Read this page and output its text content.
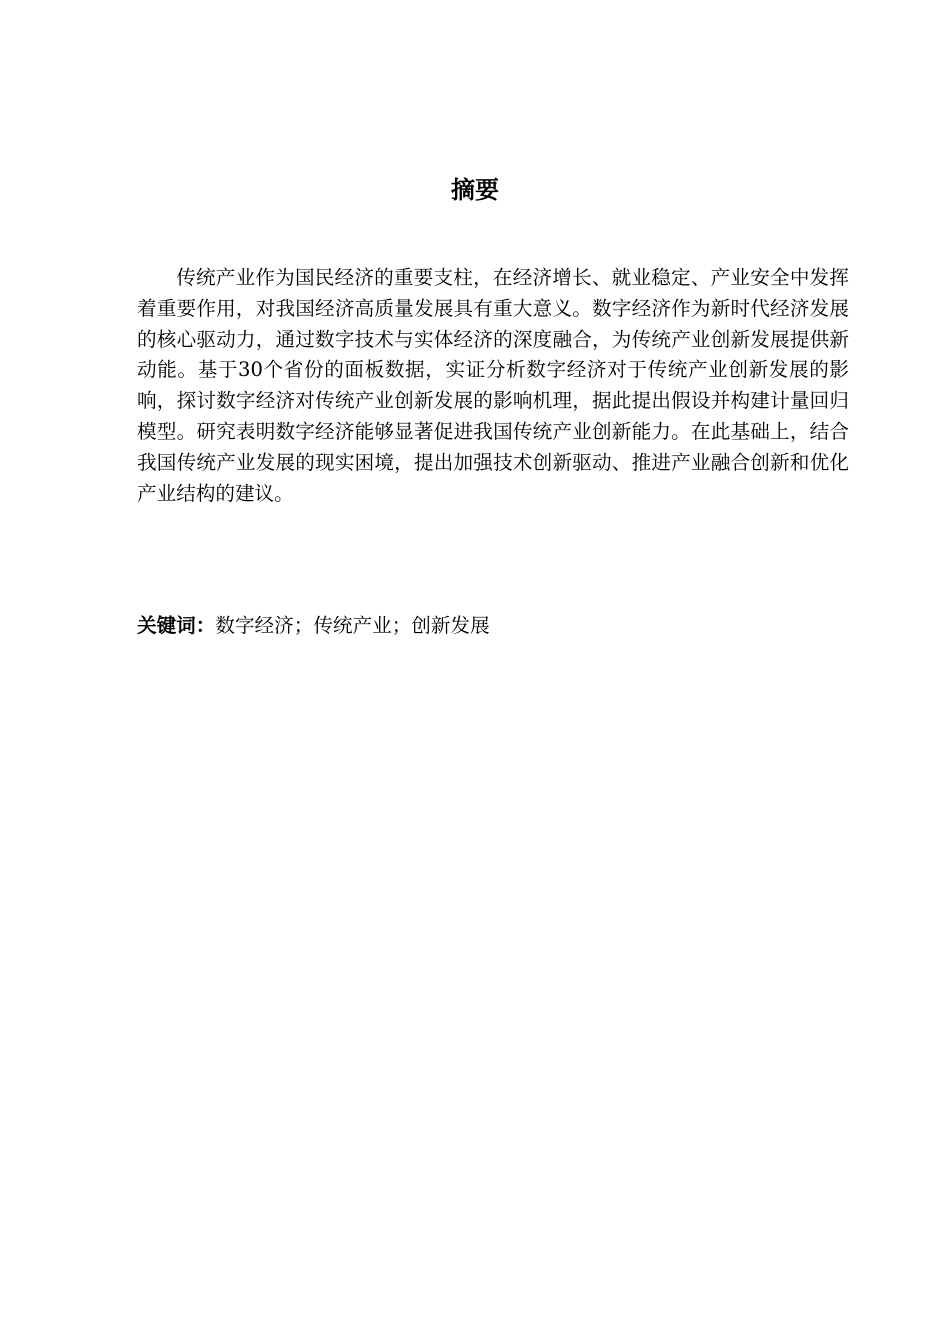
摘要

传统产业作为国民经济的重要支柱，在经济增长、就业稳定、产业安全中发挥着重要作用，对我国经济高质量发展具有重大意义。数字经济作为新时代经济发展的核心驱动力，通过数字技术与实体经济的深度融合，为传统产业创新发展提供新动能。基于30个省份的面板数据，实证分析数字经济对于传统产业创新发展的影响，探讨数字经济对传统产业创新发展的影响机理，据此提出假设并构建计量回归模型。研究表明数字经济能够显著促进我国传统产业创新能力。在此基础上，结合我国传统产业发展的现实困境，提出加强技术创新驱动、推进产业融合创新和优化产业结构的建议。

关键词：数字经济；传统产业；创新发展
